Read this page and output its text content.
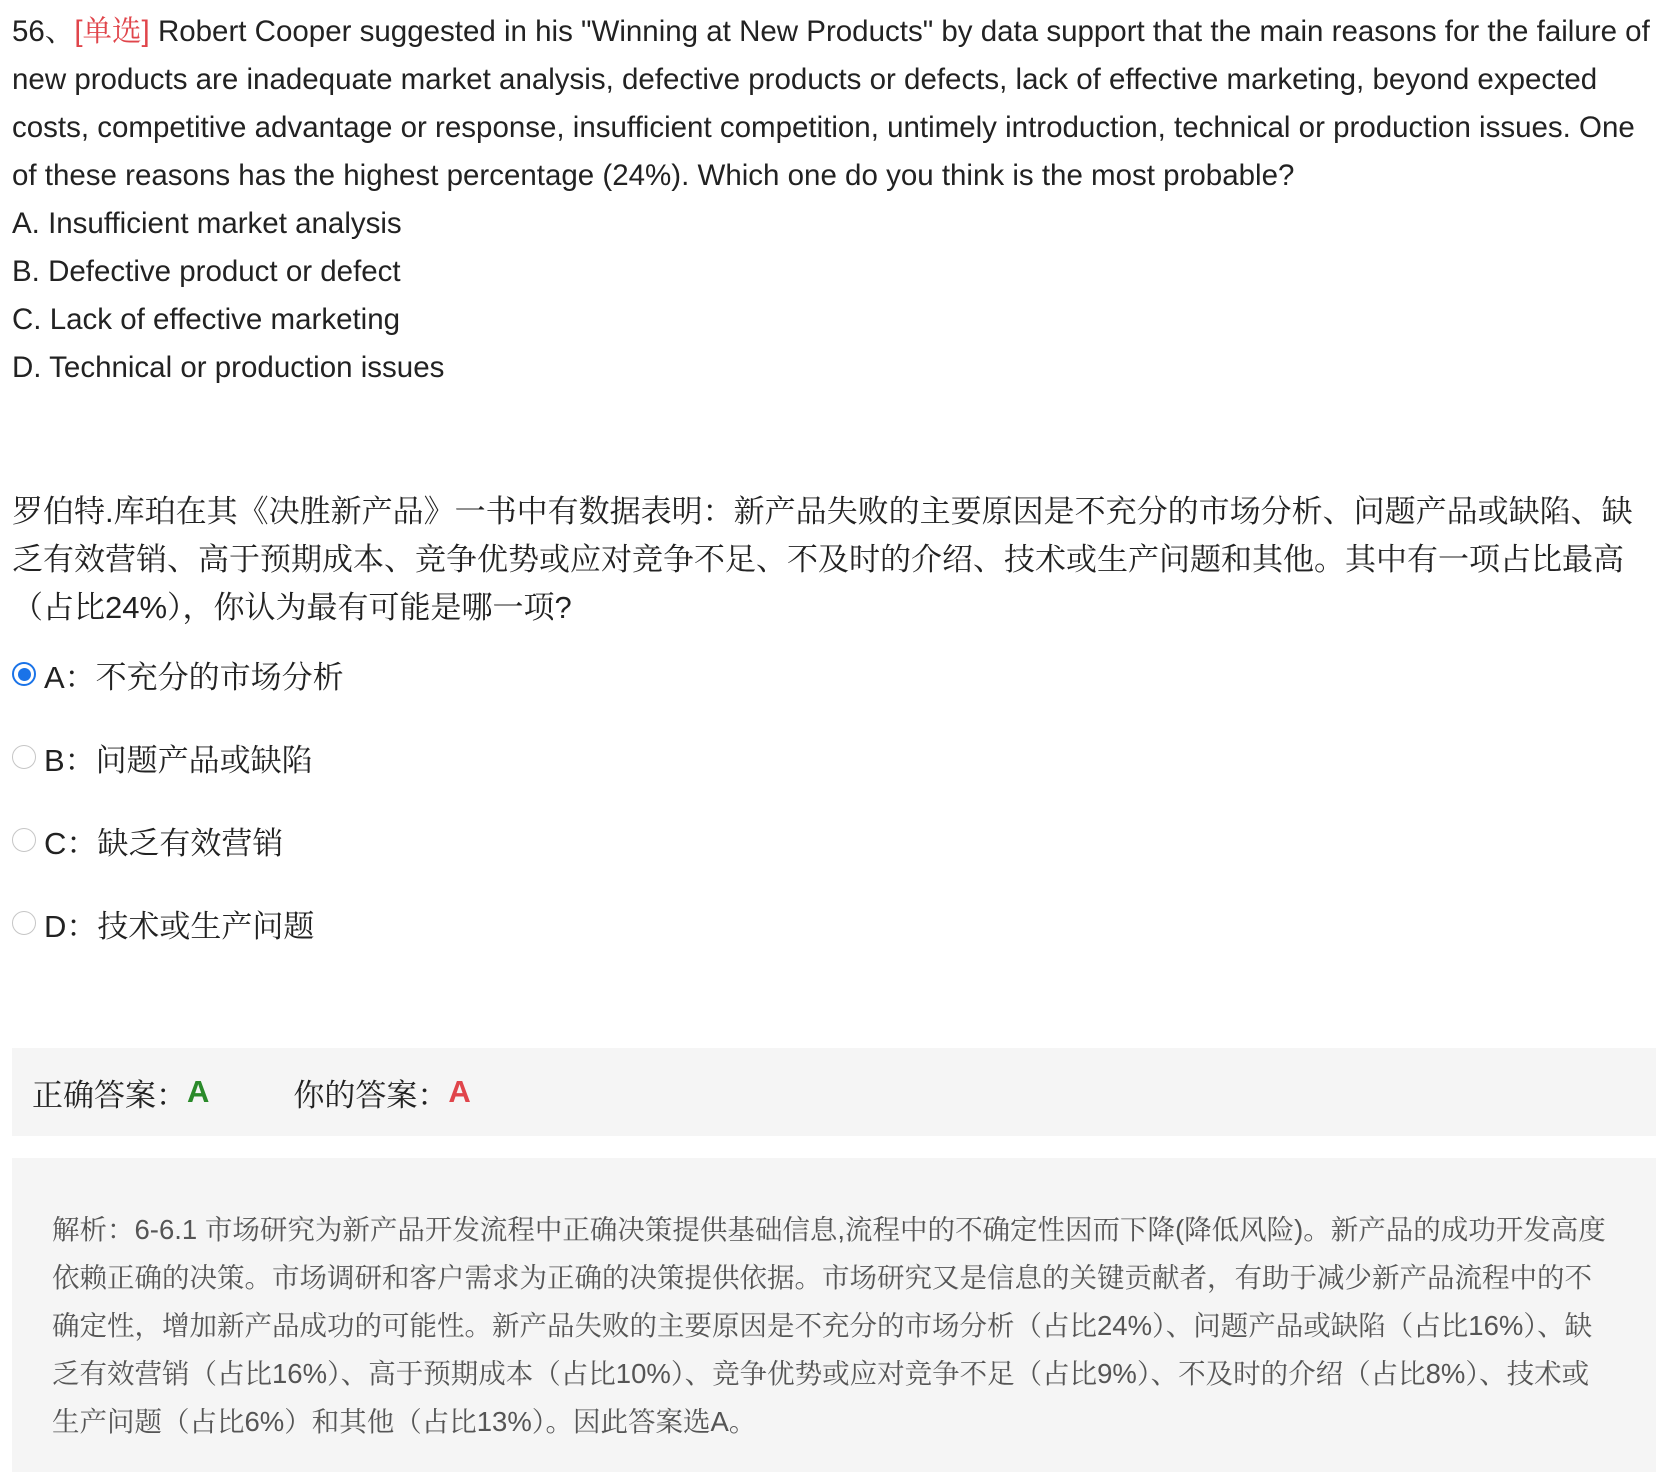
56、[单选] Robert Cooper suggested in his "Winning at New Products" by data support that the main reasons for the failure of new products are inadequate market analysis, defective products or defects, lack of effective marketing, beyond expected costs, competitive advantage or response, insufficient competition, untimely introduction, technical or production issues. One of these reasons has the highest percentage (24%). Which one do you think is the most probable?

A. Insufficient market analysis

B. Defective product or defect

C. Lack of effective marketing

D. Technical or production issues

罗伯特.库珀在其《决胜新产品》一书中有数据表明：新产品失败的主要原因是不充分的市场分析、问题产品或缺陷、缺乏有效营销、高于预期成本、竞争优势或应对竞争不足、不及时的介绍、技术或生产问题和其他。其中有一项占比最高（占比24%），你认为最有可能是哪一项?
A：不充分的市场分析
B：问题产品或缺陷
C：缺乏有效营销
D：技术或生产问题
正确答案： A	你的答案： A
解析：6-6.1 市场研究为新产品开发流程中正确决策提供基础信息,流程中的不确定性因而下降(降低风险)。新产品的成功开发高度依赖正确的决策。市场调研和客户需求为正确的决策提供依据。市场研究又是信息的关键贡献者，有助于减少新产品流程中的不确定性，增加新产品成功的可能性。新产品失败的主要原因是不充分的市场分析（占比24%）、问题产品或缺陷（占比16%）、缺乏有效营销（占比16%）、高于预期成本（占比10%）、竞争优势或应对竞争不足（占比9%）、不及时的介绍（占比8%）、技术或生产问题（占比6%）和其他（占比13%）。因此答案选A。
